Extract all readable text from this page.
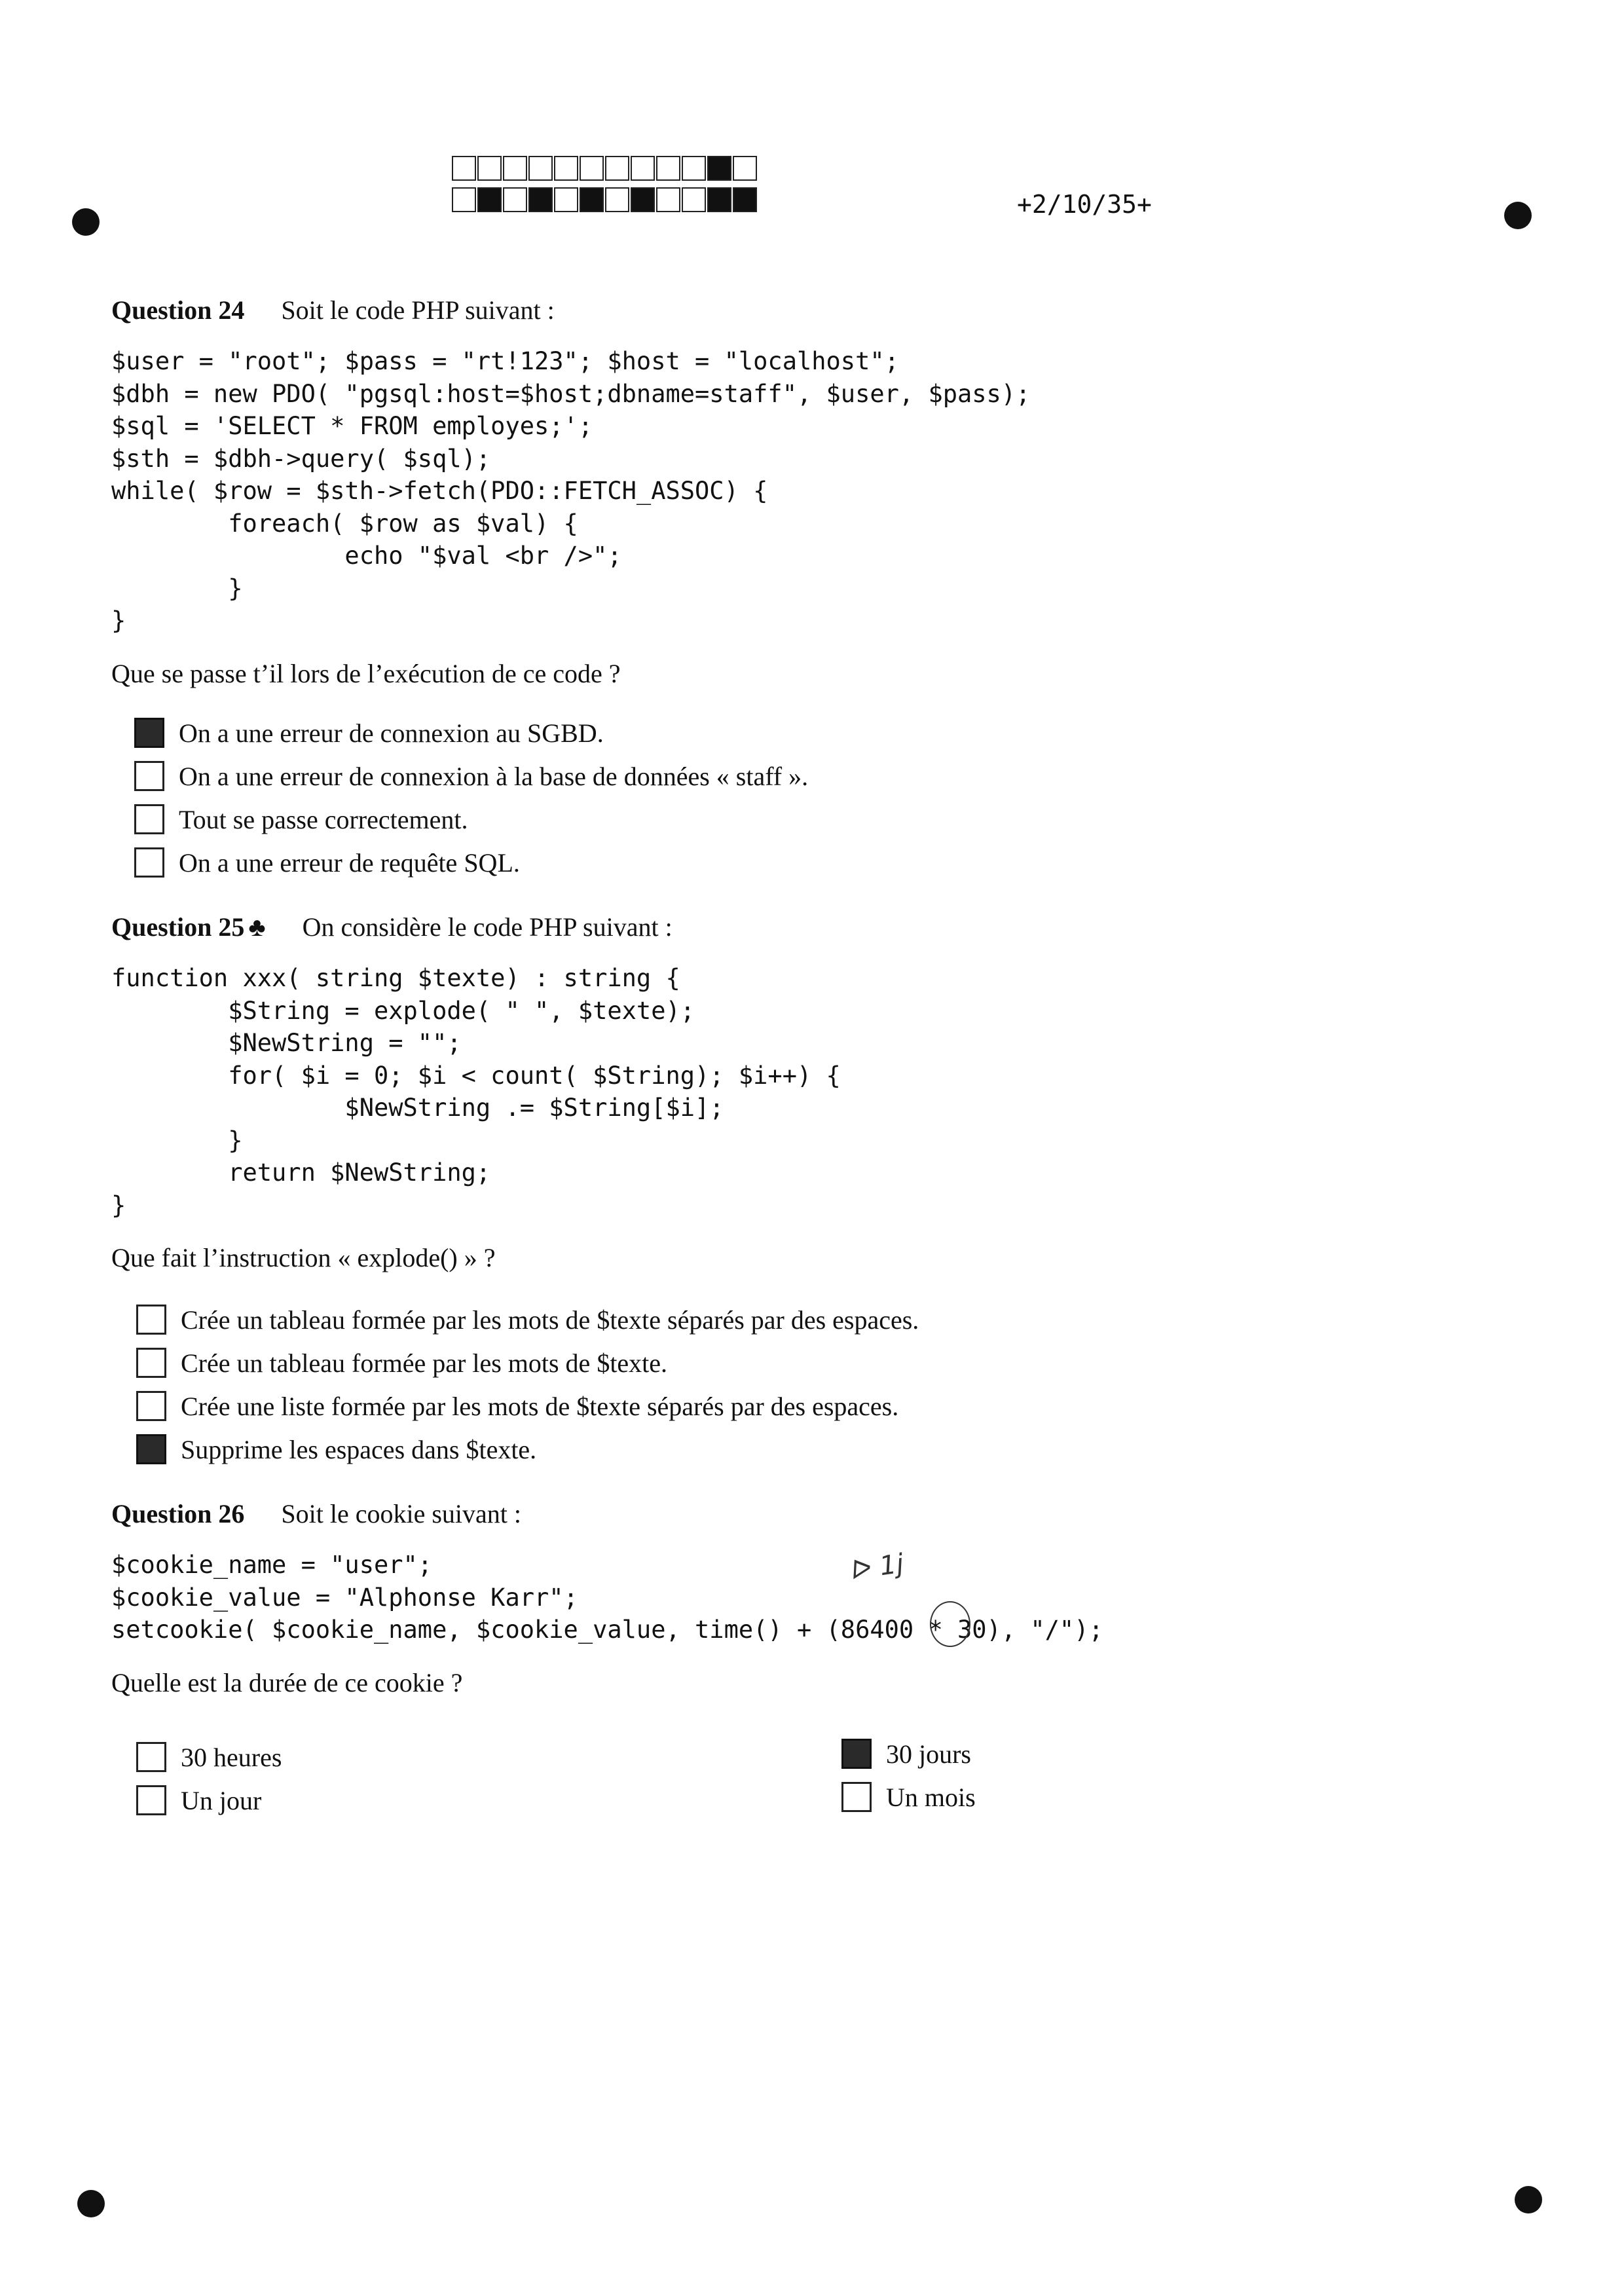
+2/10/35+
Question 24 Soit le code PHP suivant :
$user = "root"; $pass = "rt!123"; $host = "localhost";
$dbh = new PDO( "pgsql:host=$host;dbname=staff", $user, $pass);
$sql = 'SELECT * FROM employes;';
$sth = $dbh->query( $sql);
while( $row = $sth->fetch(PDO::FETCH_ASSOC) {
foreach( $row as $val) {
echo "$val <br />";
}
}
Que se passe t’il lors de l’exécution de ce code ?
On a une erreur de connexion au SGBD.
On a une erreur de connexion à la base de données « staff ».
Tout se passe correctement.
On a une erreur de requête SQL.
Question 25 ♣ On considère le code PHP suivant :
function xxx( string $texte) : string {
$String = explode( " ", $texte);
$NewString = "";
for( $i = 0; $i < count( $String); $i++) {
$NewString .= $String[$i];
}
return $NewString;
}
Que fait l’instruction « explode() » ?
Crée un tableau formée par les mots de $texte séparés par des espaces.
Crée un tableau formée par les mots de $texte.
Crée une liste formée par les mots de $texte séparés par des espaces.
Supprime les espaces dans $texte.
Question 26 Soit le cookie suivant :
$cookie_name = "user";
$cookie_value = "Alphonse Karr";
setcookie( $cookie_name, $cookie_value, time() + (86400 * 30), "/");
Quelle est la durée de ce cookie ?
30 heures
Un jour
30 jours
Un mois
ᐅ 1j
